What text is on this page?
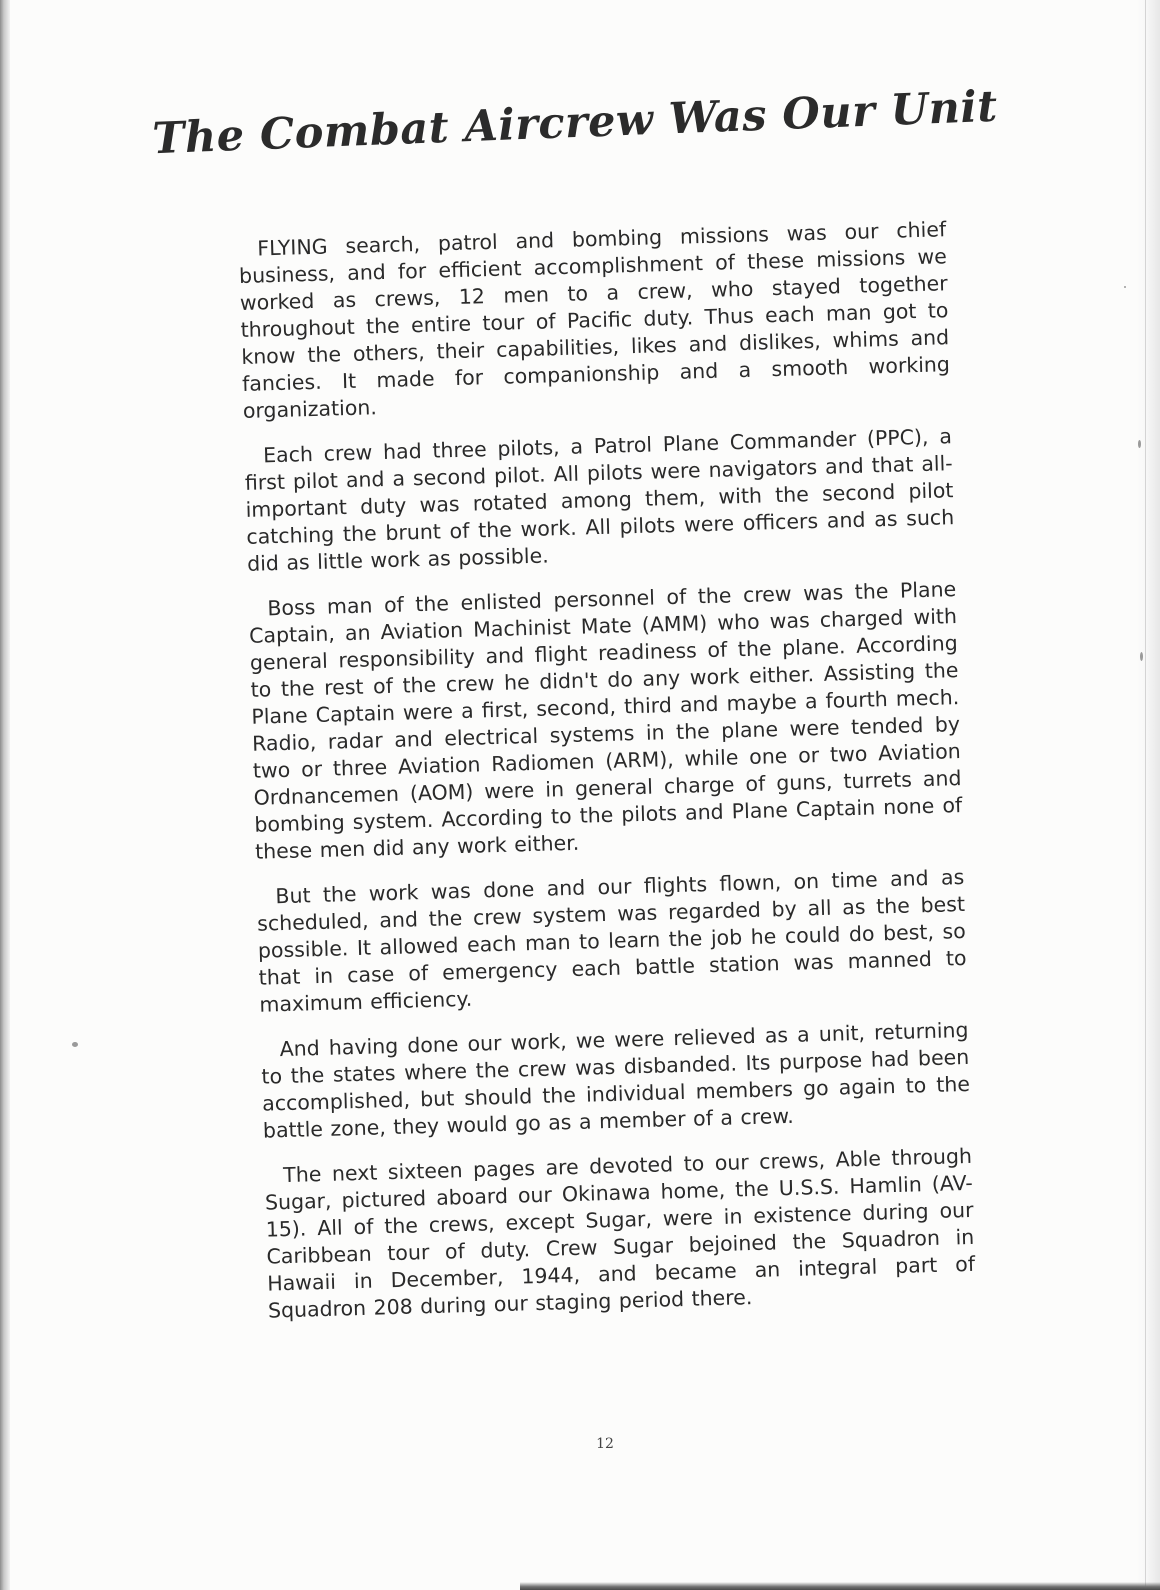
The Combat Aircrew Was Our Unit

FLYING search, patrol and bombing missions was our chief business, and for efficient accomplishment of these missions we worked as crews, 12 men to a crew, who stayed together throughout the entire tour of Pacific duty. Thus each man got to know the others, their capabilities, likes and dislikes, whims and fancies. It made for companionship and a smooth working organization.

Each crew had three pilots, a Patrol Plane Commander (PPC), a first pilot and a second pilot. All pilots were navigators and that all-important duty was rotated among them, with the second pilot catching the brunt of the work. All pilots were officers and as such did as little work as possible.

Boss man of the enlisted personnel of the crew was the Plane Captain, an Aviation Machinist Mate (AMM) who was charged with general responsibility and flight readiness of the plane. According to the rest of the crew he didn't do any work either. Assisting the Plane Captain were a first, second, third and maybe a fourth mech. Radio, radar and electrical systems in the plane were tended by two or three Aviation Radiomen (ARM), while one or two Aviation Ordnancemen (AOM) were in general charge of guns, turrets and bombing system. According to the pilots and Plane Captain none of these men did any work either.

But the work was done and our flights flown, on time and as scheduled, and the crew system was regarded by all as the best possible. It allowed each man to learn the job he could do best, so that in case of emergency each battle station was manned to maximum efficiency.

And having done our work, we were relieved as a unit, returning to the states where the crew was disbanded. Its purpose had been accomplished, but should the individual members go again to the battle zone, they would go as a member of a crew.

The next sixteen pages are devoted to our crews, Able through Sugar, pictured aboard our Okinawa home, the U.S.S. Hamlin (AV-15). All of the crews, except Sugar, were in existence during our Caribbean tour of duty. Crew Sugar bejoined the Squadron in Hawaii in December, 1944, and became an integral part of Squadron 208 during our staging period there.

12
